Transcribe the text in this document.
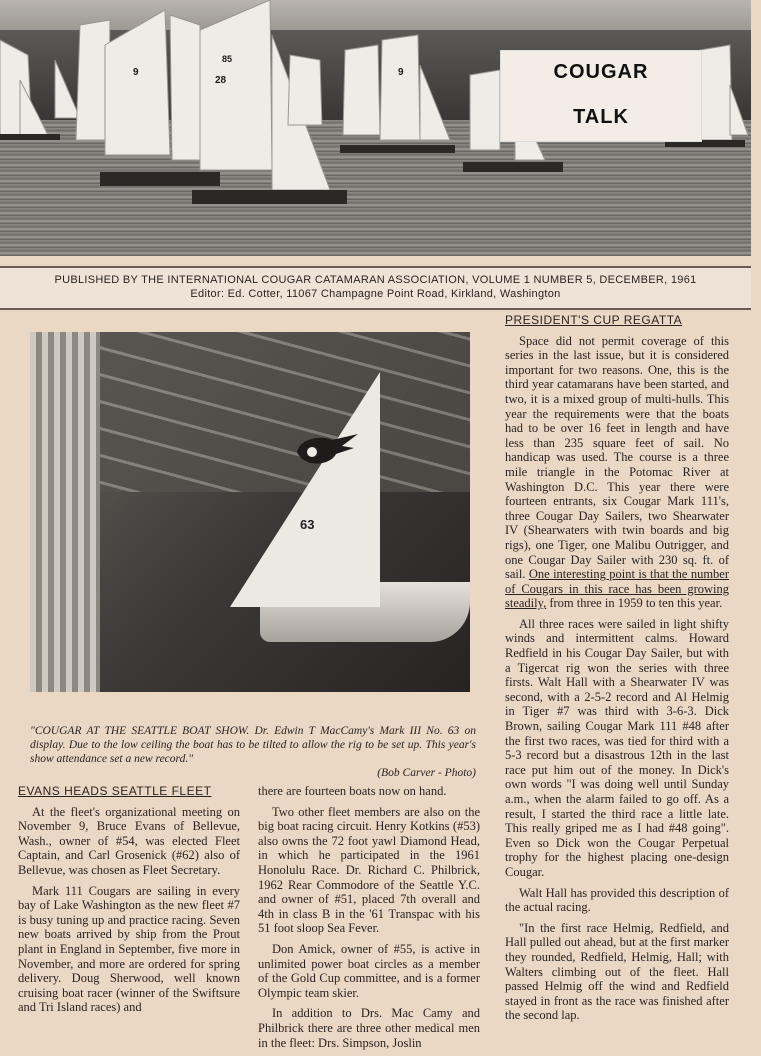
9
28
85
9	COUGAR
TALK
PUBLISHED BY THE INTERNATIONAL COUGAR CATAMARAN ASSOCIATION, VOLUME 1 NUMBER 5, DECEMBER, 1961
Editor: Ed. Cotter, 11067 Champagne Point Road, Kirkland, Washington
63
"COUGAR AT THE SEATTLE BOAT SHOW. Dr. Edwin T MacCamy's Mark III No. 63 on display. Due to the low ceiling the boat has to be tilted to allow the rig to be set up. This year's show attendance set a new record."
(Bob Carver - Photo)
PRESIDENT'S CUP REGATTA

Space did not permit coverage of this series in the last issue, but it is considered important for two reasons. One, this is the third year catamarans have been started, and two, it is a mixed group of multi-hulls. This year the requirements were that the boats had to be over 16 feet in length and have less than 235 square feet of sail. No handicap was used. The course is a three mile triangle in the Potomac River at Washington D.C. This year there were fourteen entrants, six Cougar Mark 111's, three Cougar Day Sailers, two Shearwater IV (Shearwaters with twin boards and big rigs), one Tiger, one Malibu Outrigger, and one Cougar Day Sailer with 230 sq. ft. of sail. One interesting point is that the number of Cougars in this race has been growing steadily, from three in 1959 to ten this year.

All three races were sailed in light shifty winds and intermittent calms. Howard Redfield in his Cougar Day Sailer, but with a Tigercat rig won the series with three firsts. Walt Hall with a Shearwater IV was second, with a 2-5-2 record and Al Helmig in Tiger #7 was third with 3-6-3. Dick Brown, sailing Cougar Mark 111 #48 after the first two races, was tied for third with a 5-3 record but a disastrous 12th in the last race put him out of the money. In Dick's own words "I was doing well until Sunday a.m., when the alarm failed to go off. As a result, I started the third race a little late. This really griped me as I had #48 going". Even so Dick won the Cougar Perpetual trophy for the highest placing one-design Cougar.

Walt Hall has provided this description of the actual racing.

"In the first race Helmig, Redfield, and Hall pulled out ahead, but at the first marker they rounded, Redfield, Helmig, Hall; with Walters climbing out of the fleet. Hall passed Helmig off the wind and Redfield stayed in front as the race was finished after the second lap.

EVANS HEADS SEATTLE FLEET

At the fleet's organizational meeting on November 9, Bruce Evans of Bellevue, Wash., owner of #54, was elected Fleet Captain, and Carl Grosenick (#62) also of Bellevue, was chosen as Fleet Secretary.

Mark 111 Cougars are sailing in every bay of Lake Washington as the new fleet #7 is busy tuning up and practice racing. Seven new boats arrived by ship from the Prout plant in England in September, five more in November, and more are ordered for spring delivery. Doug Sherwood, well known cruising boat racer (winner of the Swiftsure and Tri Island races) and

there are fourteen boats now on hand.

Two other fleet members are also on the big boat racing circuit. Henry Kotkins (#53) also owns the 72 foot yawl Diamond Head, in which he participated in the 1961 Honolulu Race. Dr. Richard C. Philbrick, 1962 Rear Commodore of the Seattle Y.C. and owner of #51, placed 7th overall and 4th in class B in the '61 Transpac with his 51 foot sloop Sea Fever.

Don Amick, owner of #55, is active in unlimited power boat circles as a member of the Gold Cup committee, and is a former Olympic team skier.

In addition to Drs. Mac Camy and Philbrick there are three other medical men in the fleet: Drs. Simpson, Joslin
